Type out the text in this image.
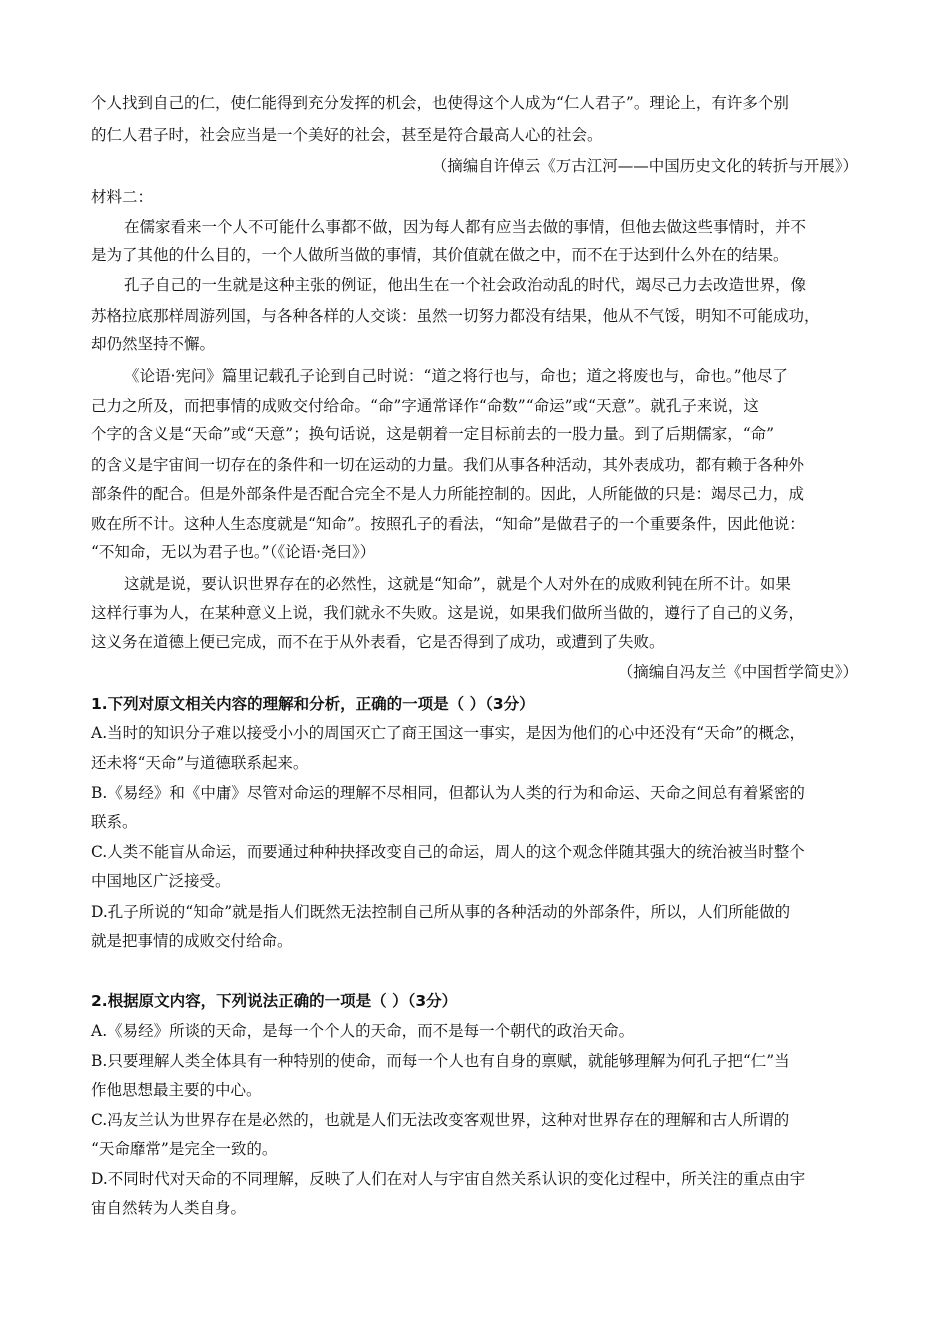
个人找到自己的仁，使仁能得到充分发挥的机会，也使得这个人成为“仁人君子”。理论上，有许多个别
的仁人君子时，社会应当是一个美好的社会，甚至是符合最高人心的社会。
（摘编自许倬云《万古江河——中国历史文化的转折与开展》）
材料二：
在儒家看来一个人不可能什么事都不做，因为每人都有应当去做的事情，但他去做这些事情时，并不
是为了其他的什么目的，一个人做所当做的事情，其价值就在做之中，而不在于达到什么外在的结果。
孔子自己的一生就是这种主张的例证，他出生在一个社会政治动乱的时代，竭尽己力去改造世界，像
苏格拉底那样周游列国，与各种各样的人交谈：虽然一切努力都没有结果，他从不气馁，明知不可能成功，
却仍然坚持不懈。
《论语·宪问》篇里记载孔子论到自己时说：“道之将行也与，命也；道之将废也与，命也。”他尽了
己力之所及，而把事情的成败交付给命。“命”字通常译作“命数”“命运”或“天意”。就孔子来说，这
个字的含义是“天命”或“天意”；换句话说，这是朝着一定目标前去的一股力量。到了后期儒家，“命”
的含义是宇宙间一切存在的条件和一切在运动的力量。我们从事各种活动，其外表成功，都有赖于各种外
部条件的配合。但是外部条件是否配合完全不是人力所能控制的。因此，人所能做的只是：竭尽己力，成
败在所不计。这种人生态度就是“知命”。按照孔子的看法，“知命”是做君子的一个重要条件，因此他说：
“不知命，无以为君子也。”（《论语·尧曰》）
这就是说，要认识世界存在的必然性，这就是“知命”，就是个人对外在的成败利钝在所不计。如果
这样行事为人，在某种意义上说，我们就永不失败。这是说，如果我们做所当做的，遵行了自己的义务，
这义务在道德上便已完成，而不在于从外表看，它是否得到了成功，或遭到了失败。
（摘编自冯友兰《中国哲学简史》）
1.下列对原文相关内容的理解和分析，正确的一项是（ ）（3分）
A.当时的知识分子难以接受小小的周国灭亡了商王国这一事实，是因为他们的心中还没有“天命”的概念，
还未将“天命”与道德联系起来。
B.《易经》和《中庸》尽管对命运的理解不尽相同，但都认为人类的行为和命运、天命之间总有着紧密的
联系。
C.人类不能盲从命运，而要通过种种抉择改变自己的命运，周人的这个观念伴随其强大的统治被当时整个
中国地区广泛接受。
D.孔子所说的“知命”就是指人们既然无法控制自己所从事的各种活动的外部条件，所以，人们所能做的
就是把事情的成败交付给命。
2.根据原文内容，下列说法正确的一项是（ ）（3分）
A.《易经》所谈的天命，是每一个个人的天命，而不是每一个朝代的政治天命。
B.只要理解人类全体具有一种特别的使命，而每一个人也有自身的禀赋，就能够理解为何孔子把“仁”当
作他思想最主要的中心。
C.冯友兰认为世界存在是必然的，也就是人们无法改变客观世界，这种对世界存在的理解和古人所谓的
“天命靡常”是完全一致的。
D.不同时代对天命的不同理解，反映了人们在对人与宇宙自然关系认识的变化过程中，所关注的重点由宇
宙自然转为人类自身。
